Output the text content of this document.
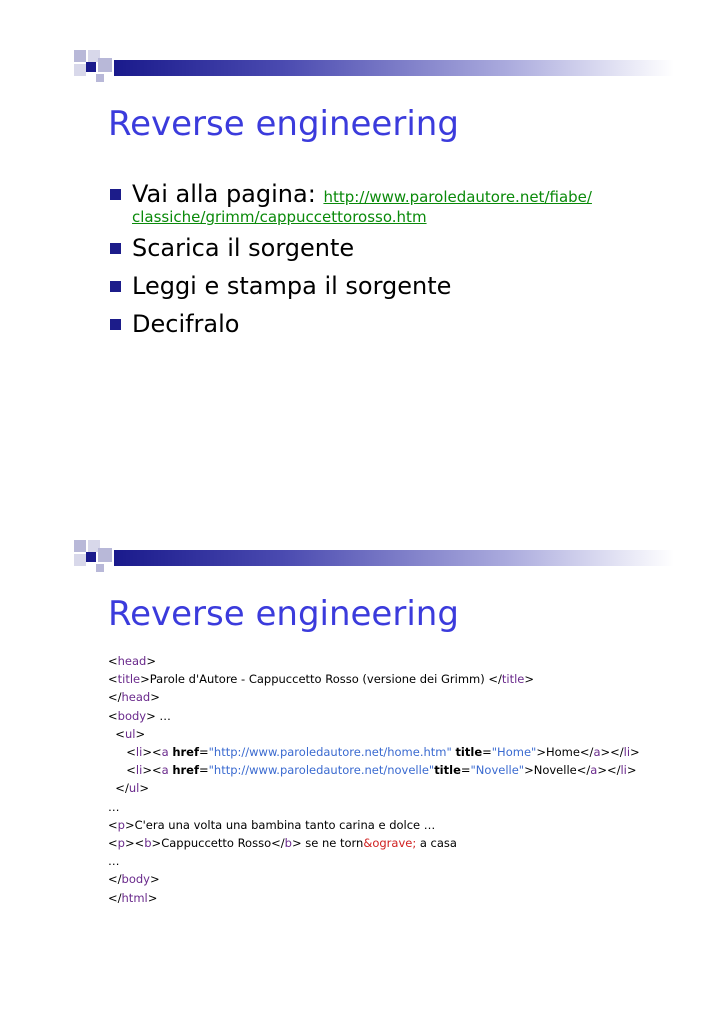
Reverse engineering
Vai alla pagina: http://www.paroledautore.net/fiabe/
classiche/grimm/cappuccettorosso.htm
Scarica il sorgente
Leggi e stampa il sorgente
Decifralo
Reverse engineering
<head>
<title>Parole d'Autore - Cappuccetto Rosso (versione dei Grimm) </title>
</head>
<body> …
<ul>
<li><a href="http://www.paroledautore.net/home.htm" title="Home">Home</a></li>
<li><a href="http://www.paroledautore.net/novelle"title="Novelle">Novelle</a></li>
</ul>
…
<p>C'era una volta una bambina tanto carina e dolce …
<p><b>Cappuccetto Rosso</b> se ne torn&ograve; a casa
…
</body>
</html>
